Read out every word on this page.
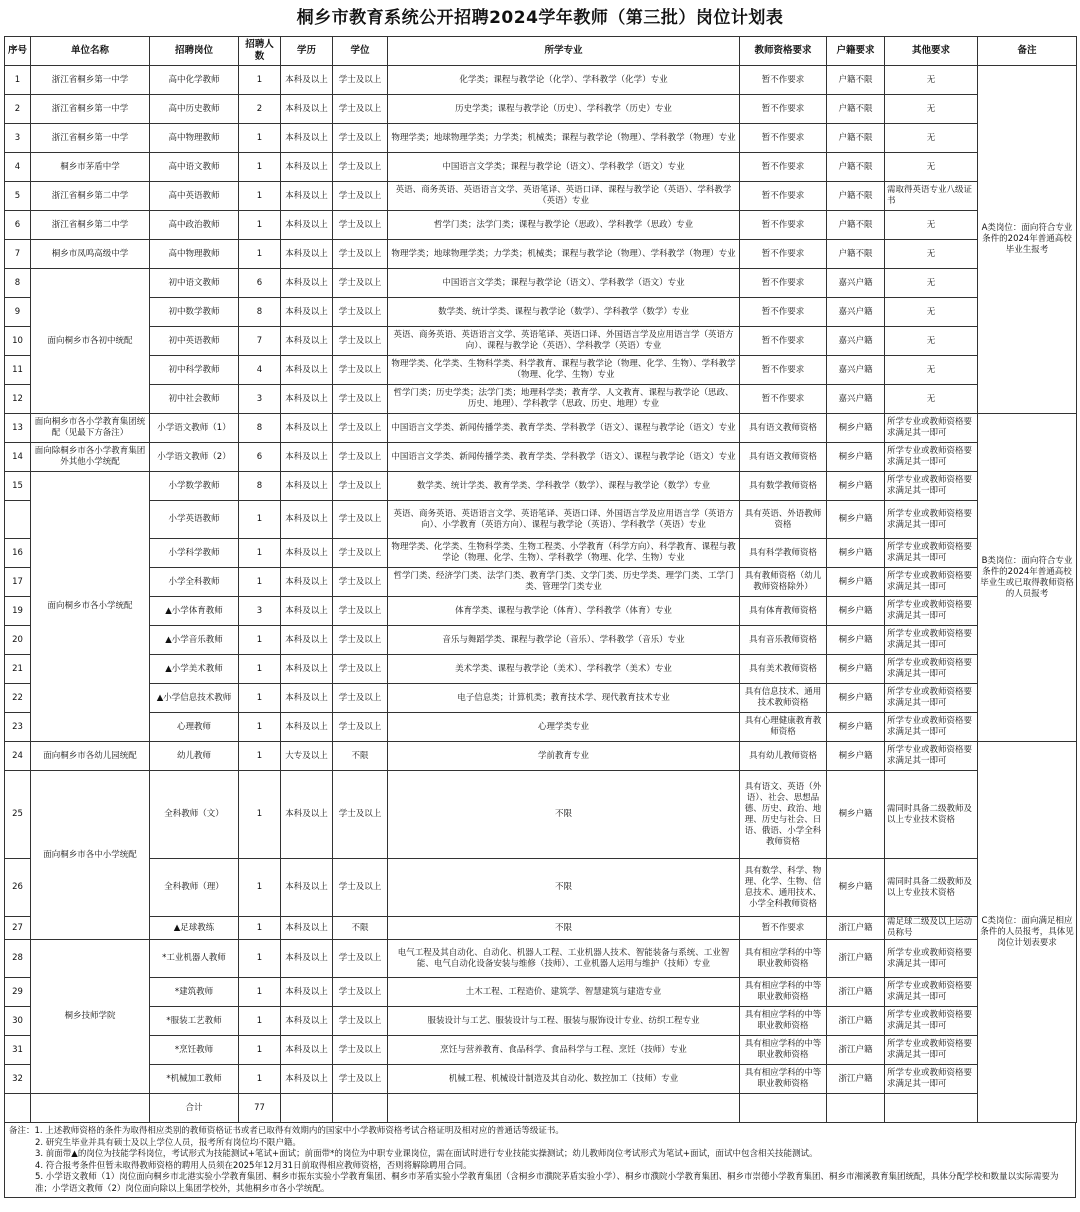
桐乡市教育系统公开招聘2024学年教师（第三批）岗位计划表
序号	单位名称	招聘岗位	招聘人数	学历	学位	所学专业	教师资格要求	户籍要求	其他要求	备注	
1	浙江省桐乡第一中学	高中化学教师	1	本科及以上	学士及以上	化学类；课程与教学论（化学）、学科教学（化学）专业	暂不作要求	户籍不限	无	A类岗位：面向符合专业条件的2024年普通高校毕业生报考	
2	浙江省桐乡第一中学	高中历史教师	2	本科及以上	学士及以上	历史学类；课程与教学论（历史）、学科教学（历史）专业	暂不作要求	户籍不限	无		
3	浙江省桐乡第一中学	高中物理教师	1	本科及以上	学士及以上	物理学类；地球物理学类；力学类；机械类；课程与教学论（物理）、学科教学（物理）专业	暂不作要求	户籍不限	无		
4	桐乡市茅盾中学	高中语文教师	1	本科及以上	学士及以上	中国语言文学类；课程与教学论（语文）、学科教学（语文）专业	暂不作要求	户籍不限	无		
5	浙江省桐乡第二中学	高中英语教师	1	本科及以上	学士及以上	英语、商务英语、英语语言文学、英语笔译、英语口译、课程与教学论（英语）、学科教学（英语）专业	暂不作要求	户籍不限	需取得英语专业八级证书		
6	浙江省桐乡第二中学	高中政治教师	1	本科及以上	学士及以上	哲学门类；法学门类；课程与教学论（思政）、学科教学（思政）专业	暂不作要求	户籍不限	无		
7	桐乡市凤鸣高级中学	高中物理教师	1	本科及以上	学士及以上	物理学类；地球物理学类；力学类；机械类；课程与教学论（物理）、学科教学（物理）专业	暂不作要求	户籍不限	无		
8	面向桐乡市各初中统配	初中语文教师	6	本科及以上	学士及以上	中国语言文学类；课程与教学论（语文）、学科教学（语文）专业	暂不作要求	嘉兴户籍	无		
9		初中数学教师	8	本科及以上	学士及以上	数学类、统计学类、课程与教学论（数学）、学科教学（数学）专业	暂不作要求	嘉兴户籍	无		
10		初中英语教师	7	本科及以上	学士及以上	英语、商务英语、英语语言文学、英语笔译、英语口译、外国语言学及应用语言学（英语方向）、课程与教学论（英语）、学科教学（英语）专业	暂不作要求	嘉兴户籍	无		
11		初中科学教师	4	本科及以上	学士及以上	物理学类、化学类、生物科学类、科学教育、课程与教学论（物理、化学、生物）、学科教学（物理、化学、生物）专业	暂不作要求	嘉兴户籍	无		
12		初中社会教师	3	本科及以上	学士及以上	哲学门类；历史学类；法学门类；地理科学类；教育学、人文教育、课程与教学论（思政、历史、地理）、学科教学（思政、历史、地理）专业	暂不作要求	嘉兴户籍	无		
13	面向桐乡市各小学教育集团统配（见最下方备注）	小学语文教师（1）	8	本科及以上	学士及以上	中国语言文学类、新闻传播学类、教育学类、学科教学（语文）、课程与教学论（语文）专业	具有语文教师资格	桐乡户籍	所学专业或教师资格要求满足其一即可	B类岗位：面向符合专业条件的2024年普通高校毕业生或已取得教师资格的人员报考	
14	面向除桐乡市各小学教育集团外其他小学统配	小学语文教师（2）	6	本科及以上	学士及以上	中国语言文学类、新闻传播学类、教育学类、学科教学（语文）、课程与教学论（语文）专业	具有语文教师资格	桐乡户籍	所学专业或教师资格要求满足其一即可		
15	面向桐乡市各小学统配	小学数学教师	8	本科及以上	学士及以上	数学类、统计学类、教育学类、学科教学（数学）、课程与教学论（数学）专业	具有数学教师资格	桐乡户籍	所学专业或教师资格要求满足其一即可		
		小学英语教师	1	本科及以上	学士及以上	英语、商务英语、英语语言文学、英语笔译、英语口译、外国语言学及应用语言学（英语方向）、小学教育（英语方向）、课程与教学论（英语）、学科教学（英语）专业	具有英语、外语教师资格	桐乡户籍	所学专业或教师资格要求满足其一即可		
16		小学科学教师	1	本科及以上	学士及以上	物理学类、化学类、生物科学类、生物工程类、小学教育（科学方向）、科学教育、课程与教学论（物理、化学、生物）、学科教学（物理、化学、生物）专业	具有科学教师资格	桐乡户籍	所学专业或教师资格要求满足其一即可		
17		小学全科教师	1	本科及以上	学士及以上	哲学门类、经济学门类、法学门类、教育学门类、文学门类、历史学类、理学门类、工学门类、管理学门类专业	具有教师资格（幼儿教师资格除外）	桐乡户籍	所学专业或教师资格要求满足其一即可		
19		▲小学体育教师	3	本科及以上	学士及以上	体育学类、课程与教学论（体育）、学科教学（体育）专业	具有体育教师资格	桐乡户籍	所学专业或教师资格要求满足其一即可		
20		▲小学音乐教师	1	本科及以上	学士及以上	音乐与舞蹈学类、课程与教学论（音乐）、学科教学（音乐）专业	具有音乐教师资格	桐乡户籍	所学专业或教师资格要求满足其一即可		
21		▲小学美术教师	1	本科及以上	学士及以上	美术学类、课程与教学论（美术）、学科教学（美术）专业	具有美术教师资格	桐乡户籍	所学专业或教师资格要求满足其一即可		
22		▲小学信息技术教师	1	本科及以上	学士及以上	电子信息类；计算机类；教育技术学、现代教育技术专业	具有信息技术、通用技术教师资格	桐乡户籍	所学专业或教师资格要求满足其一即可		
23		心理教师	1	本科及以上	学士及以上	心理学类专业	具有心理健康教育教师资格	桐乡户籍	所学专业或教师资格要求满足其一即可		
24	面向桐乡市各幼儿园统配	幼儿教师	1	大专及以上	不限	学前教育专业	具有幼儿教师资格	桐乡户籍	所学专业或教师资格要求满足其一即可	C类岗位：面向满足相应条件的人员报考，具体见岗位计划表要求	
25	面向桐乡市各中小学统配	全科教师（文）	1	本科及以上	学士及以上	不限	具有语文、英语（外语）、社会、思想品德、历史、政治、地理、历史与社会、日语、俄语、小学全科教师资格	桐乡户籍	需同时具备二级教师及以上专业技术资格		
26		全科教师（理）	1	本科及以上	学士及以上	不限	具有数学、科学、物理、化学、生物、信息技术、通用技术、小学全科教师资格	桐乡户籍	需同时具备二级教师及以上专业技术资格		
27		▲足球教练	1	本科及以上	不限	不限	暂不作要求	浙江户籍	需足球二级及以上运动员称号		
28	桐乡技师学院	*工业机器人教师	1	本科及以上	学士及以上	电气工程及其自动化、自动化、机器人工程、工业机器人技术、智能装备与系统、工业智能、电气自动化设备安装与维修（技师）、工业机器人运用与维护（技师）专业	具有相应学科的中等职业教师资格	浙江户籍	所学专业或教师资格要求满足其一即可		
29		*建筑教师	1	本科及以上	学士及以上	土木工程、工程造价、建筑学、智慧建筑与建造专业	具有相应学科的中等职业教师资格	浙江户籍	所学专业或教师资格要求满足其一即可		
30		*服装工艺教师	1	本科及以上	学士及以上	服装设计与工艺、服装设计与工程、服装与服饰设计专业、纺织工程专业	具有相应学科的中等职业教师资格	浙江户籍	所学专业或教师资格要求满足其一即可		
31		*烹饪教师	1	本科及以上	学士及以上	烹饪与营养教育、食品科学、食品科学与工程、烹饪（技师）专业	具有相应学科的中等职业教师资格	浙江户籍	所学专业或教师资格要求满足其一即可		
32		*机械加工教师	1	本科及以上	学士及以上	机械工程、机械设计制造及其自动化、数控加工（技师）专业	具有相应学科的中等职业教师资格	浙江户籍	所学专业或教师资格要求满足其一即可		
		合计	77								
备注：1. 上述教师资格的条件为取得相应类别的教师资格证书或者已取得有效期内的国家中小学教师资格考试合格证明及相对应的普通话等级证书。
2. 研究生毕业并具有硕士及以上学位人员，报考所有岗位均不限户籍。
3. 前面带▲的岗位为技能学科岗位，考试形式为技能测试+笔试+面试；前面带*的岗位为中职专业课岗位，需在面试时进行专业技能实操测试；幼儿教师岗位考试形式为笔试+面试，面试中包含相关技能测试。
4. 符合报考条件但暂未取得教师资格的聘用人员须在2025年12月31日前取得相应教师资格，否则将解除聘用合同。
5. 小学语文教师（1）岗位面向桐乡市北港实验小学教育集团、桐乡市振东实验小学教育集团、桐乡市茅盾实验小学教育集团（含桐乡市濮院茅盾实验小学）、桐乡市濮院小学教育集团、桐乡市崇德小学教育集团、桐乡市湘溪教育集团统配，具体分配学校和数量以实际需要为准；小学语文教师（2）岗位面向除以上集团学校外，其他桐乡市各小学统配。
